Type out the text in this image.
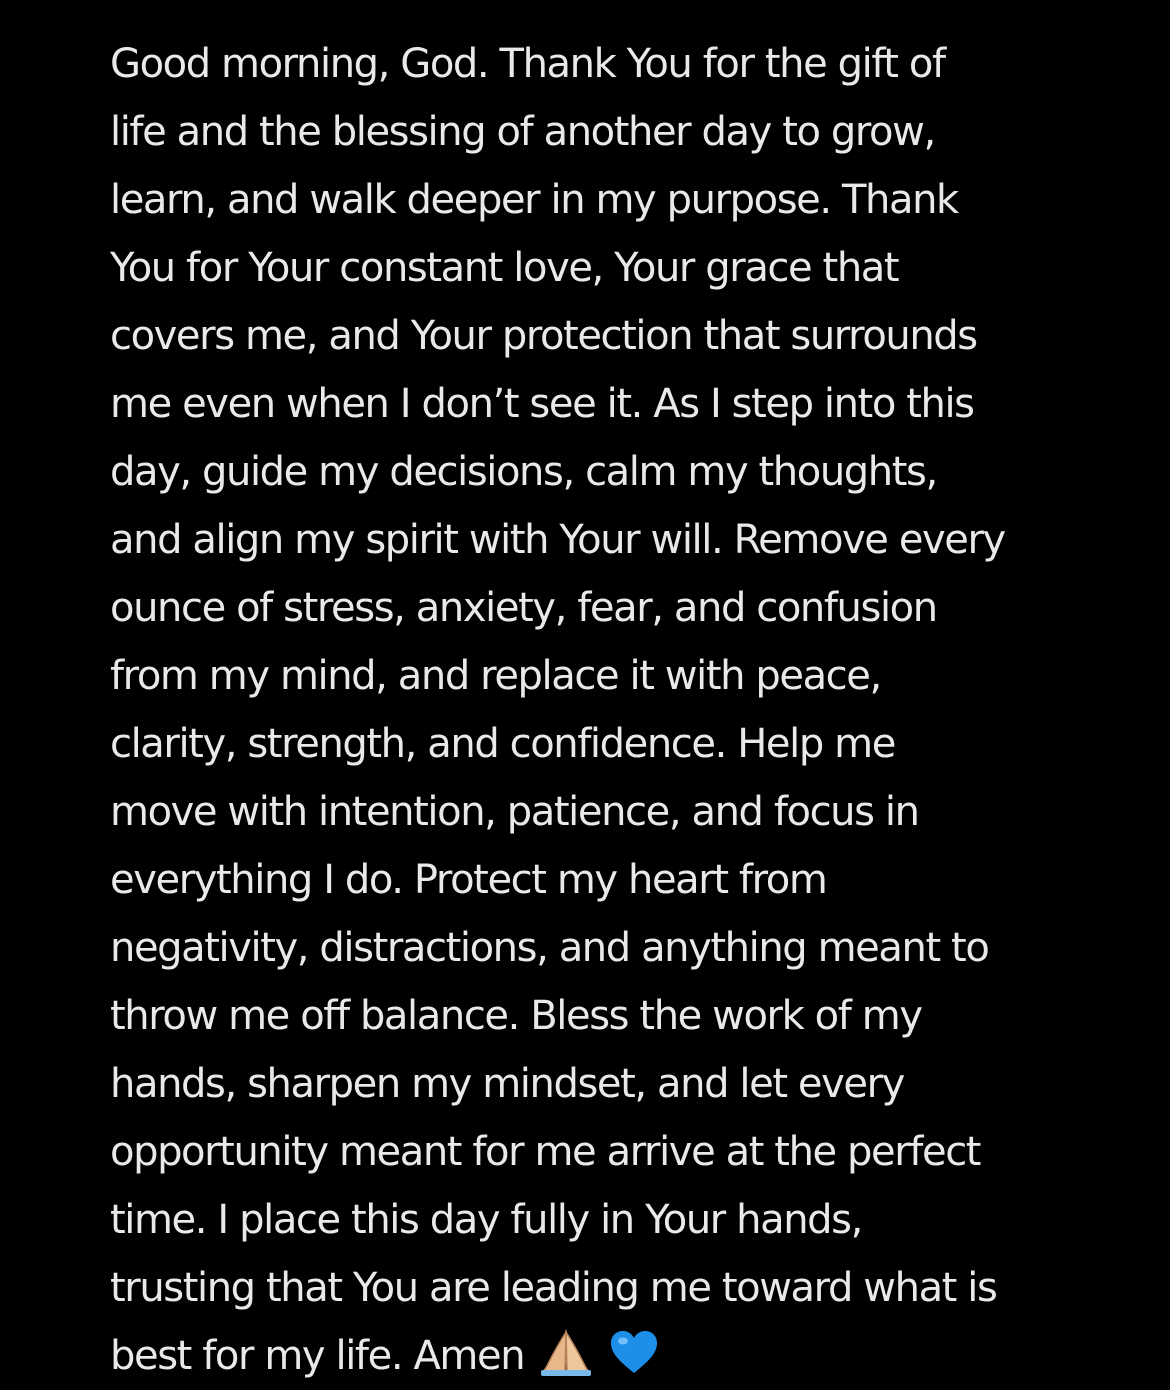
Good morning, God. Thank You for the gift of
life and the blessing of another day to grow,
learn, and walk deeper in my purpose. Thank
You for Your constant love, Your grace that
covers me, and Your protection that surrounds
me even when I don’t see it. As I step into this
day, guide my decisions, calm my thoughts,
and align my spirit with Your will. Remove every
ounce of stress, anxiety, fear, and confusion
from my mind, and replace it with peace,
clarity, strength, and confidence. Help me
move with intention, patience, and focus in
everything I do. Protect my heart from
negativity, distractions, and anything meant to
throw me off balance. Bless the work of my
hands, sharpen my mindset, and let every
opportunity meant for me arrive at the perfect
time. I place this day fully in Your hands,
trusting that You are leading me toward what is
best for my life. Amen
